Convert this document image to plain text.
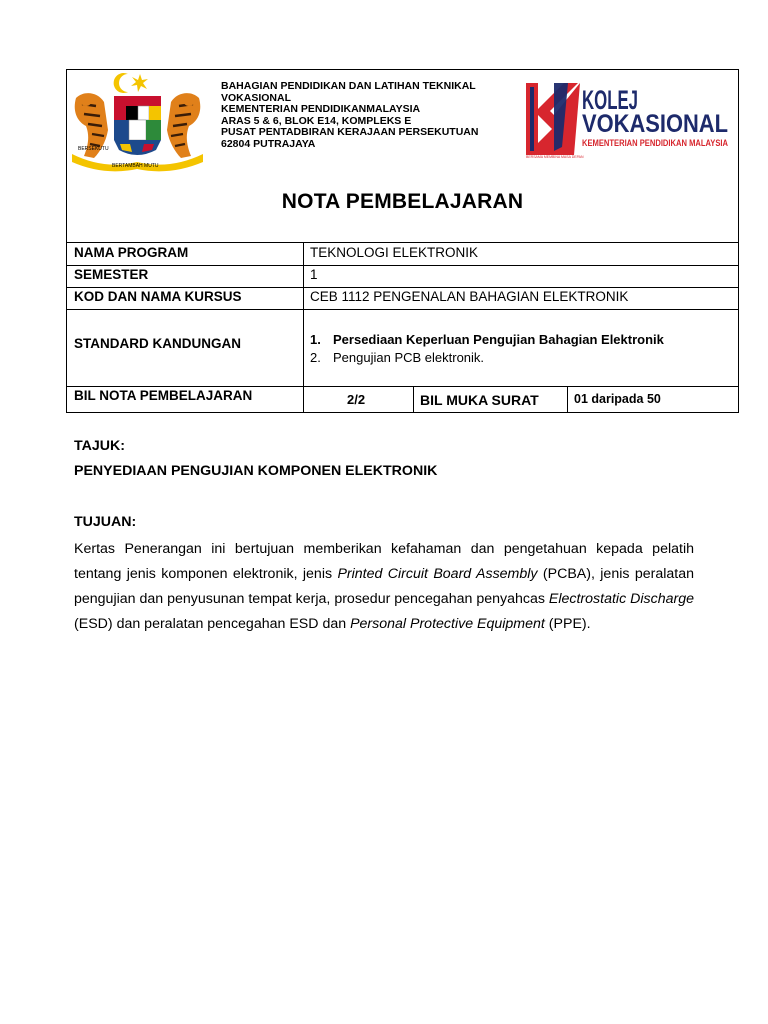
BERSEKUTU
BERTAMBAH MUTU
BAHAGIAN PENDIDIKAN DAN LATIHAN TEKNIKAL
VOKASIONAL
KEMENTERIAN PENDIDIKANMALAYSIA
ARAS 5 & 6, BLOK E14, KOMPLEKS E
PUSAT PENTADBIRAN KERAJAAN PERSEKUTUAN
62804 PUTRAJAYA
KOLEJ
VOKASIONAL
KEMENTERIAN PENDIDIKAN MALAYSIA
BERSAMA MEMBINA MASA DEPAN
NOTA PEMBELAJARAN
NAMA PROGRAM	TEKNOLOGI ELEKTRONIK
SEMESTER	1
KOD DAN NAMA KURSUS	CEB 1112 PENGENALAN BAHAGIAN ELEKTRONIK
STANDARD KANDUNGAN	1. Persediaan Keperluan Pengujian Bahagian Elektronik
2. Pengujian PCB elektronik.
BIL NOTA PEMBELAJARAN	2/2	BIL MUKA SURAT	01 daripada 50
TAJUK:
PENYEDIAAN PENGUJIAN KOMPONEN ELEKTRONIK
TUJUAN:
Kertas Penerangan ini bertujuan memberikan kefahaman dan pengetahuan kepada pelatih tentang jenis komponen elektronik, jenis Printed Circuit Board Assembly (PCBA), jenis peralatan pengujian dan penyusunan tempat kerja, prosedur pencegahan penyahcas Electrostatic Discharge (ESD) dan peralatan pencegahan ESD dan Personal Protective Equipment (PPE).
